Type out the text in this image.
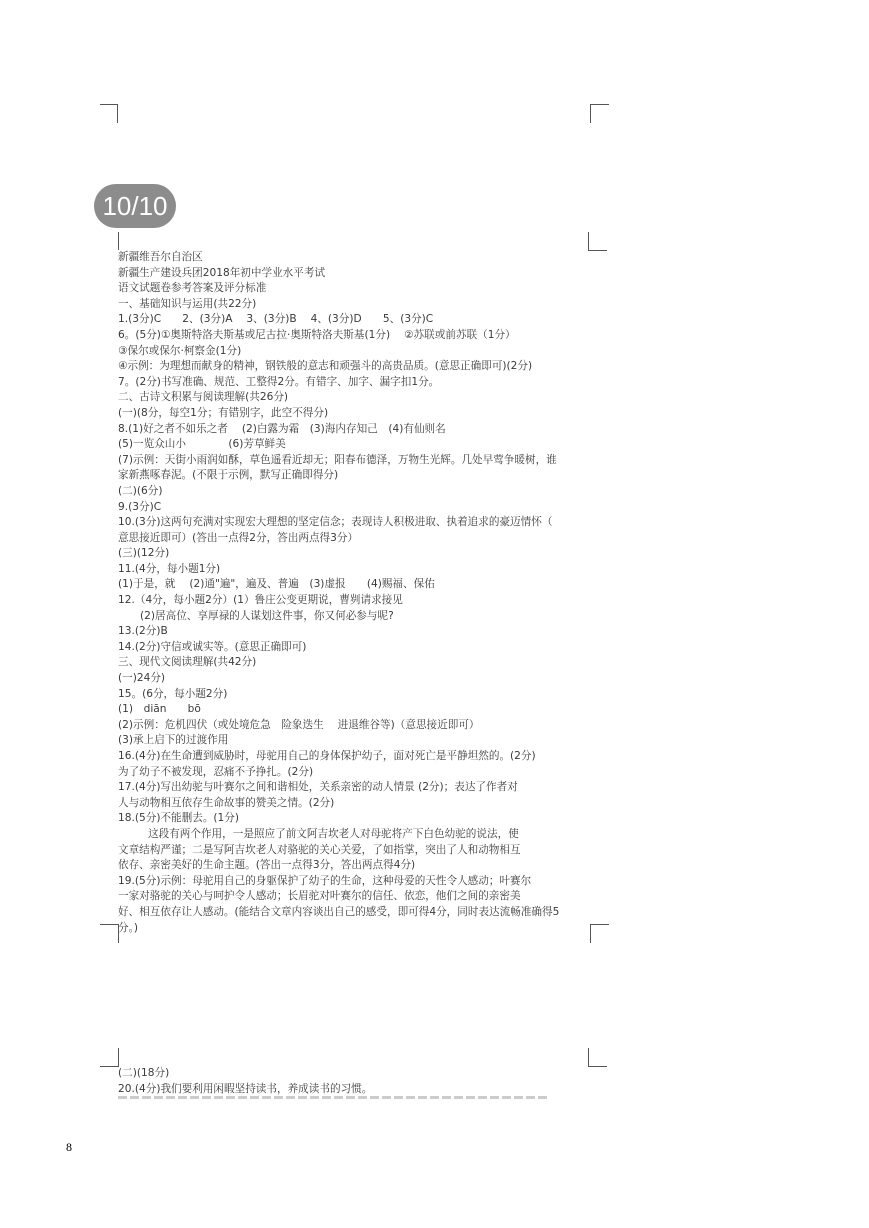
10/10
新疆维吾尔自治区
新疆生产建设兵团2018年初中学业水平考试
语文试题卷参考答案及评分标准
一、基础知识与运用(共22分)
1.(3分)C　　2、(3分)A　 3、(3分)B　 4、(3分)D　　5、(3分)C
6。(5分)①奥斯特洛夫斯基或尼古拉·奥斯特洛夫斯基(1分)　 ②苏联或前苏联（1分）
③保尔或保尔·柯察金(1分)
④示例：为理想而献身的精神，钢铁般的意志和顽强斗的高贵品质。(意思正确即可)(2分)
7。(2分)书写准确、规范、工整得2分。有错字、加字、漏字扣1分。
二、古诗文积累与阅读理解(共26分)
(一)(8分，每空1分；有错别字，此空不得分)
8.(1)好之者不如乐之者　 (2)白露为霜　(3)海内存知己　(4)有仙则名
(5)一览众山小　　　　(6)芳草鲜美
(7)示例：天街小雨润如酥，草色遥看近却无；阳春布德泽，万物生光辉。几处早莺争暖树，谁
家新燕啄春泥。(不限于示例，默写正确即得分)
(二)(6分)
9.(3分)C
10.(3分)这两句充满对实现宏大理想的坚定信念；表现诗人积极进取、执着追求的豪迈情怀（
意思接近即可）(答出一点得2分，答出两点得3分）
(三)(12分)
11.(4分，每小题1分)
(1)于是，就　 (2)通"遍"，遍及、普遍　(3)虚报　　(4)赐福、保佑
12.（4分，每小题2分）(1）鲁庄公变更期说，曹刿请求接见
(2)居高位、享厚禄的人谋划这件事，你又何必参与呢?
13.(2分)B
14.(2分)守信或诚实等。(意思正确即可)
三、现代文阅读理解(共42分)
(一)24分)
15。(6分，每小题2分)
(1)　diān　　bō
(2)示例：危机四伏（或处境危急　险象迭生　 进退维谷等)（意思接近即可）
(3)承上启下的过渡作用
16.(4分)在生命遭到威胁时，母驼用自己的身体保护幼子，面对死亡是平静坦然的。(2分)
为了幼子不被发现，忍痛不予挣扎。(2分)
17.(4分)写出幼驼与叶赛尔之间和谐相处，关系亲密的动人情景 (2分)；表达了作者对
人与动物相互依存生命故事的赞美之情。(2分)
18.(5分)不能删去。(1分)
这段有两个作用，一是照应了前文阿吉坎老人对母驼将产下白色幼驼的说法，使
文章结构严谨；二是写阿吉坎老人对骆驼的关心关爱，了如指掌，突出了人和动物相互
依存、亲密美好的生命主题。(答出一点得3分，答出两点得4分)
19.(5分)示例：母驼用自己的身躯保护了幼子的生命，这种母爱的天性令人感动；叶赛尔
一家对骆驼的关心与呵护令人感动；长眉驼对叶赛尔的信任、依恋，他们之间的亲密美
好、相互依存让人感动。(能结合文章内容谈出自己的感受，即可得4分，同时表达流畅准确得5
分。)
(二)(18分)
20.(4分)我们要利用闲暇坚持读书，养成读书的习惯。
8
